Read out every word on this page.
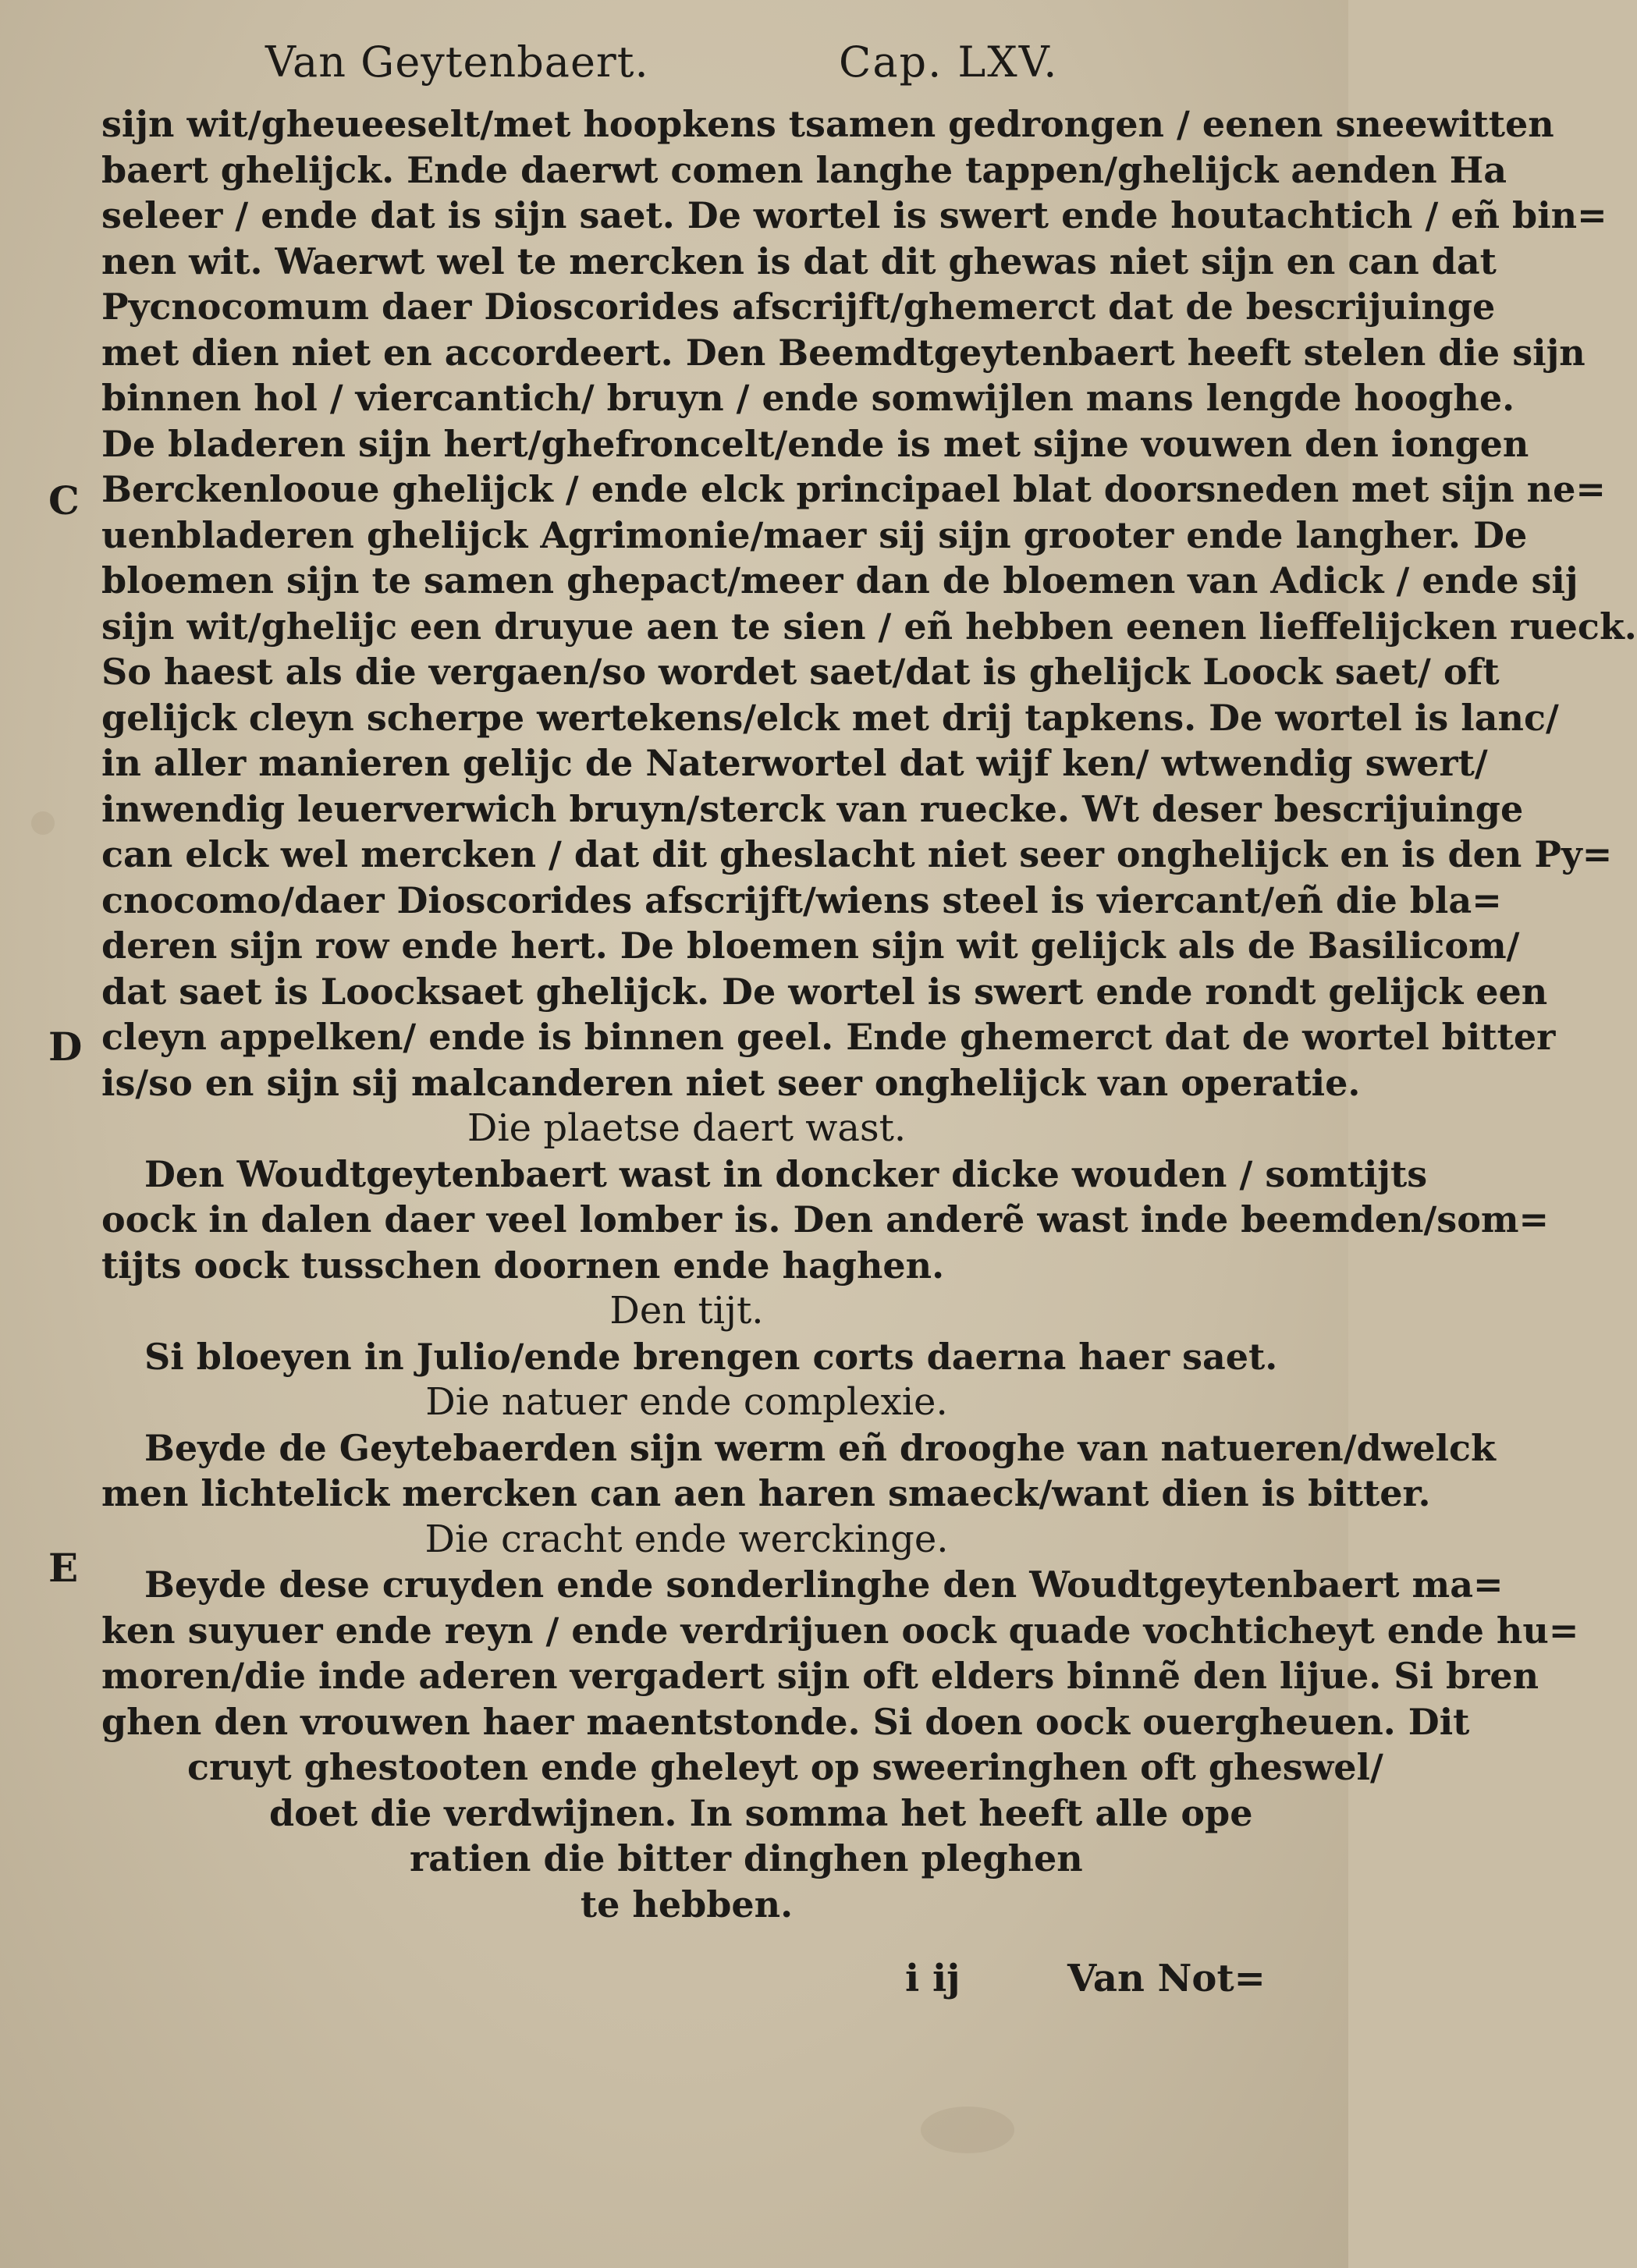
Van Geytenbaert.	Cap. LXV.
C
D
E
sijn wit/gheueeselt/met hoopkens tsamen gedrongen / eenen sneewitten
baert ghelijck. Ende daerwt comen langhe tappen/ghelijck aenden Ha
seleer / ende dat is sijn saet. De wortel is swert ende houtachtich / eñ bin=
nen wit. Waerwt wel te mercken is dat dit ghewas niet sijn en can dat
Pycnocomum daer Dioscorides afscrijft/ghemerct dat de bescrijuinge
met dien niet en accordeert. Den Beemdtgeytenbaert heeft stelen die sijn
binnen hol / viercantich/ bruyn / ende somwijlen mans lengde hooghe.
De bladeren sijn hert/ghefroncelt/ende is met sijne vouwen den iongen
Berckenlooue ghelijck / ende elck principael blat doorsneden met sijn ne=
uenbladeren ghelijck Agrimonie/maer sij sijn grooter ende langher. De
bloemen sijn te samen ghepact/meer dan de bloemen van Adick / ende sij
sijn wit/ghelijc een druyue aen te sien / eñ hebben eenen lieffelijcken rueck.
So haest als die vergaen/so wordet saet/dat is ghelijck Loock saet/ oft
gelijck cleyn scherpe wertekens/elck met drij tapkens. De wortel is lanc/
in aller manieren gelijc de Naterwortel dat wijf ken/ wtwendig swert/
inwendig leuerverwich bruyn/sterck van ruecke. Wt deser bescrijuinge
can elck wel mercken / dat dit gheslacht niet seer onghelijck en is den Py=
cnocomo/daer Dioscorides afscrijft/wiens steel is viercant/eñ die bla=
deren sijn row ende hert. De bloemen sijn wit gelijck als de Basilicom/
dat saet is Loocksaet ghelijck. De wortel is swert ende rondt gelijck een
cleyn appelken/ ende is binnen geel. Ende ghemerct dat de wortel bitter
is/so en sijn sij malcanderen niet seer onghelijck van operatie.
Die plaetse daert wast.
Den Woudtgeytenbaert wast in doncker dicke wouden / somtijts
oock in dalen daer veel lomber is. Den anderẽ wast inde beemden/som=
tijts oock tusschen doornen ende haghen.
Den tijt.
Si bloeyen in Julio/ende brengen corts daerna haer saet.
Die natuer ende complexie.
Beyde de Geytebaerden sijn werm eñ drooghe van natueren/dwelck
men lichtelick mercken can aen haren smaeck/want dien is bitter.
Die cracht ende werckinge.
Beyde dese cruyden ende sonderlinghe den Woudtgeytenbaert ma=
ken suyuer ende reyn / ende verdrijuen oock quade vochticheyt ende hu=
moren/die inde aderen vergadert sijn oft elders binnẽ den lijue. Si bren
ghen den vrouwen haer maentstonde. Si doen oock ouergheuen. Dit
cruyt ghestooten ende gheleyt op sweeringhen oft gheswel/
doet die verdwijnen. In somma het heeft alle ope
ratien die bitter dinghen pleghen
te hebben.
i ij	Van Not=
